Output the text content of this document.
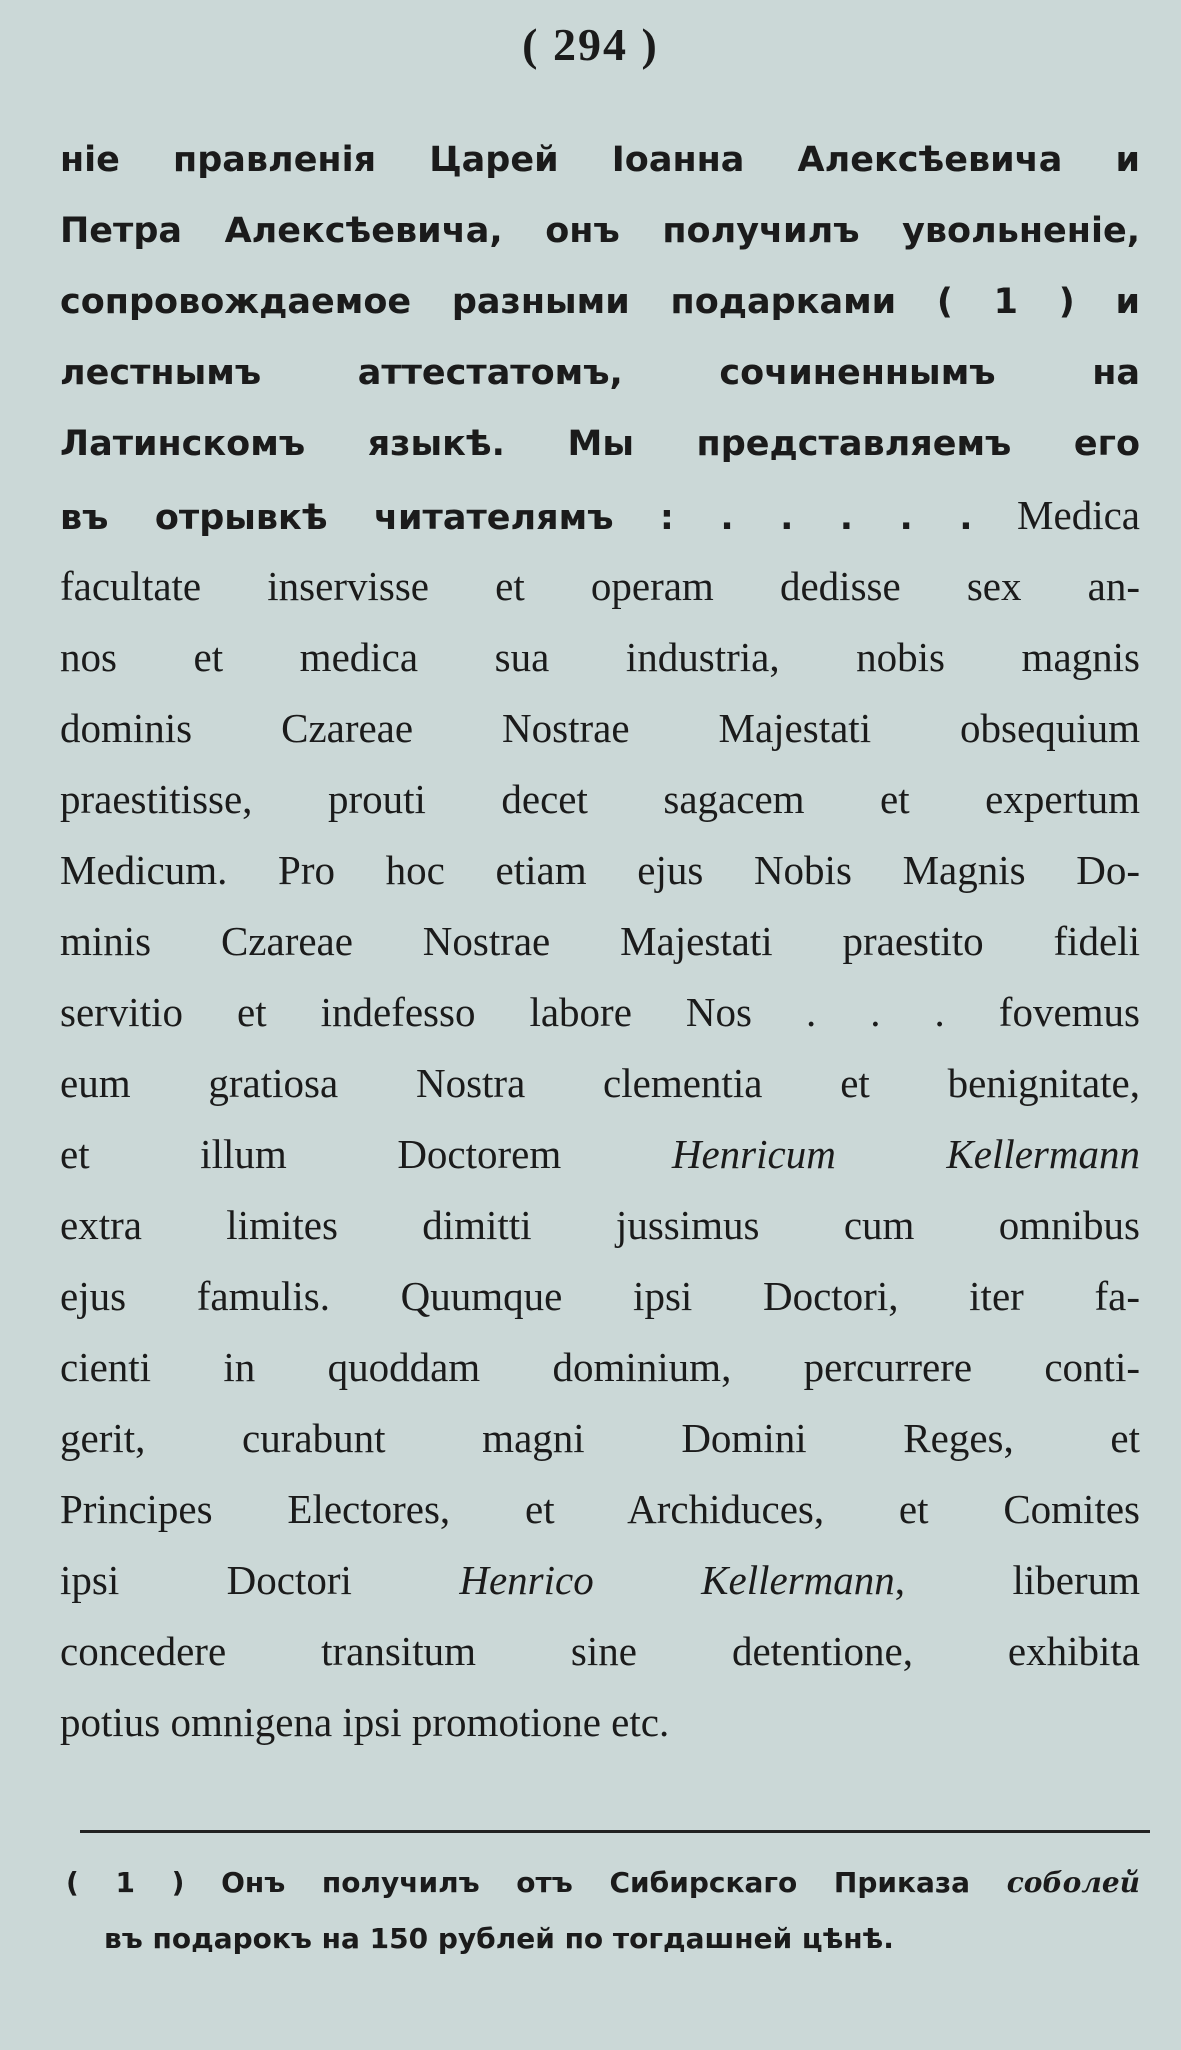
( 294 )
ніе правленія Царей Іоанна Алексѣевича и
Петра Алексѣевича, онъ получилъ увольненіе,
сопровождаемое разными подарками ( 1 ) и
лестнымъ аттестатомъ, сочиненнымъ на
Латинскомъ языкѣ. Мы представляемъ его
въ отрывкѣ читателямъ : . . . . . Medica
facultate inservisse et operam dedisse sex an-
nos et medica sua industria, nobis magnis
dominis Czareae Nostrae Majestati obsequium
praestitisse, prouti decet sagacem et expertum
Medicum. Pro hoc etiam ejus Nobis Magnis Do-
minis Czareae Nostrae Majestati praestito fideli
servitio et indefesso labore Nos . . . fovemus
eum gratiosa Nostra clementia et benignitate,
et illum Doctorem Henricum Kellermann
extra limites dimitti jussimus cum omnibus
ejus famulis. Quumque ipsi Doctori, iter fa-
cienti in quoddam dominium, percurrere conti-
gerit, curabunt magni Domini Reges, et
Principes Electores, et Archiduces, et Comites
ipsi Doctori Henrico Kellermann, liberum
concedere transitum sine detentione, exhibita
potius omnigena ipsi promotione etc.
( 1 ) Онъ получилъ отъ Сибирскаго Приказа соболей
въ подарокъ на 150 рублей по тогдашней цѣнѣ.
